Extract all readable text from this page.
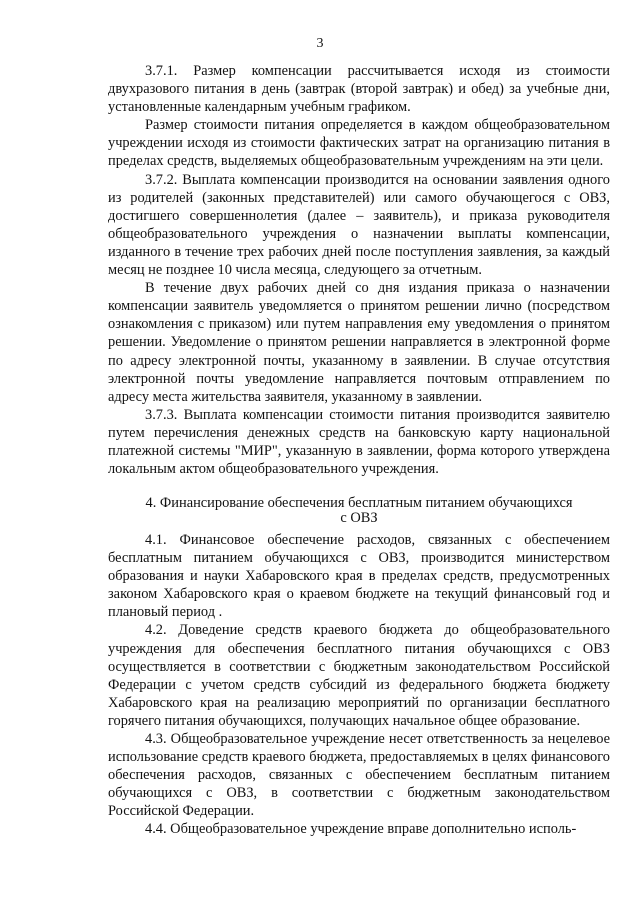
3

3.7.1. Размер компенсации рассчитывается исходя из стоимости двухразового питания в день (завтрак (второй завтрак) и обед) за учебные дни, установленные календарным учебным графиком.

Размер стоимости питания определяется в каждом общеобразовательном учреждении исходя из стоимости фактических затрат на организацию питания в пределах средств, выделяемых общеобразовательным учреждениям на эти цели.

3.7.2. Выплата компенсации производится на основании заявления одного из родителей (законных представителей) или самого обучающегося с ОВЗ, достигшего совершеннолетия (далее – заявитель), и приказа руководителя общеобразовательного учреждения о назначении выплаты компенсации, изданного в течение трех рабочих дней после поступления заявления, за каждый месяц не позднее 10 числа месяца, следующего за отчетным.

В течение двух рабочих дней со дня издания приказа о назначении компенсации заявитель уведомляется о принятом решении лично (посредством ознакомления с приказом) или путем направления ему уведомления о принятом решении. Уведомление о принятом решении направляется в электронной форме по адресу электронной почты, указанному в заявлении. В случае отсутствия электронной почты уведомление направляется почтовым отправлением по адресу места жительства заявителя, указанному в заявлении.

3.7.3. Выплата компенсации стоимости питания производится заявителю путем перечисления денежных средств на банковскую карту национальной платежной системы "МИР", указанную в заявлении, форма которого утверждена локальным актом общеобразовательного учреждения.

4. Финансирование обеспечения бесплатным питанием обучающихся с ОВЗ

4.1. Финансовое обеспечение расходов, связанных с обеспечением бесплатным питанием обучающихся с ОВЗ, производится министерством образования и науки Хабаровского края в пределах средств, предусмотренных законом Хабаровского края о краевом бюджете на текущий финансовый год и плановый период .

4.2. Доведение средств краевого бюджета до общеобразовательного учреждения для обеспечения бесплатного питания обучающихся с ОВЗ осуществляется в соответствии с бюджетным законодательством Российской Федерации с учетом средств субсидий из федерального бюджета бюджету Хабаровского края на реализацию мероприятий по организации бесплатного горячего питания обучающихся, получающих начальное общее образование.

4.3. Общеобразовательное учреждение несет ответственность за нецелевое использование средств краевого бюджета, предоставляемых в целях финансового обеспечения расходов, связанных с обеспечением бесплатным питанием обучающихся с ОВЗ, в соответствии с бюджетным законодательством Российской Федерации.

4.4. Общеобразовательное учреждение вправе дополнительно исполь-
